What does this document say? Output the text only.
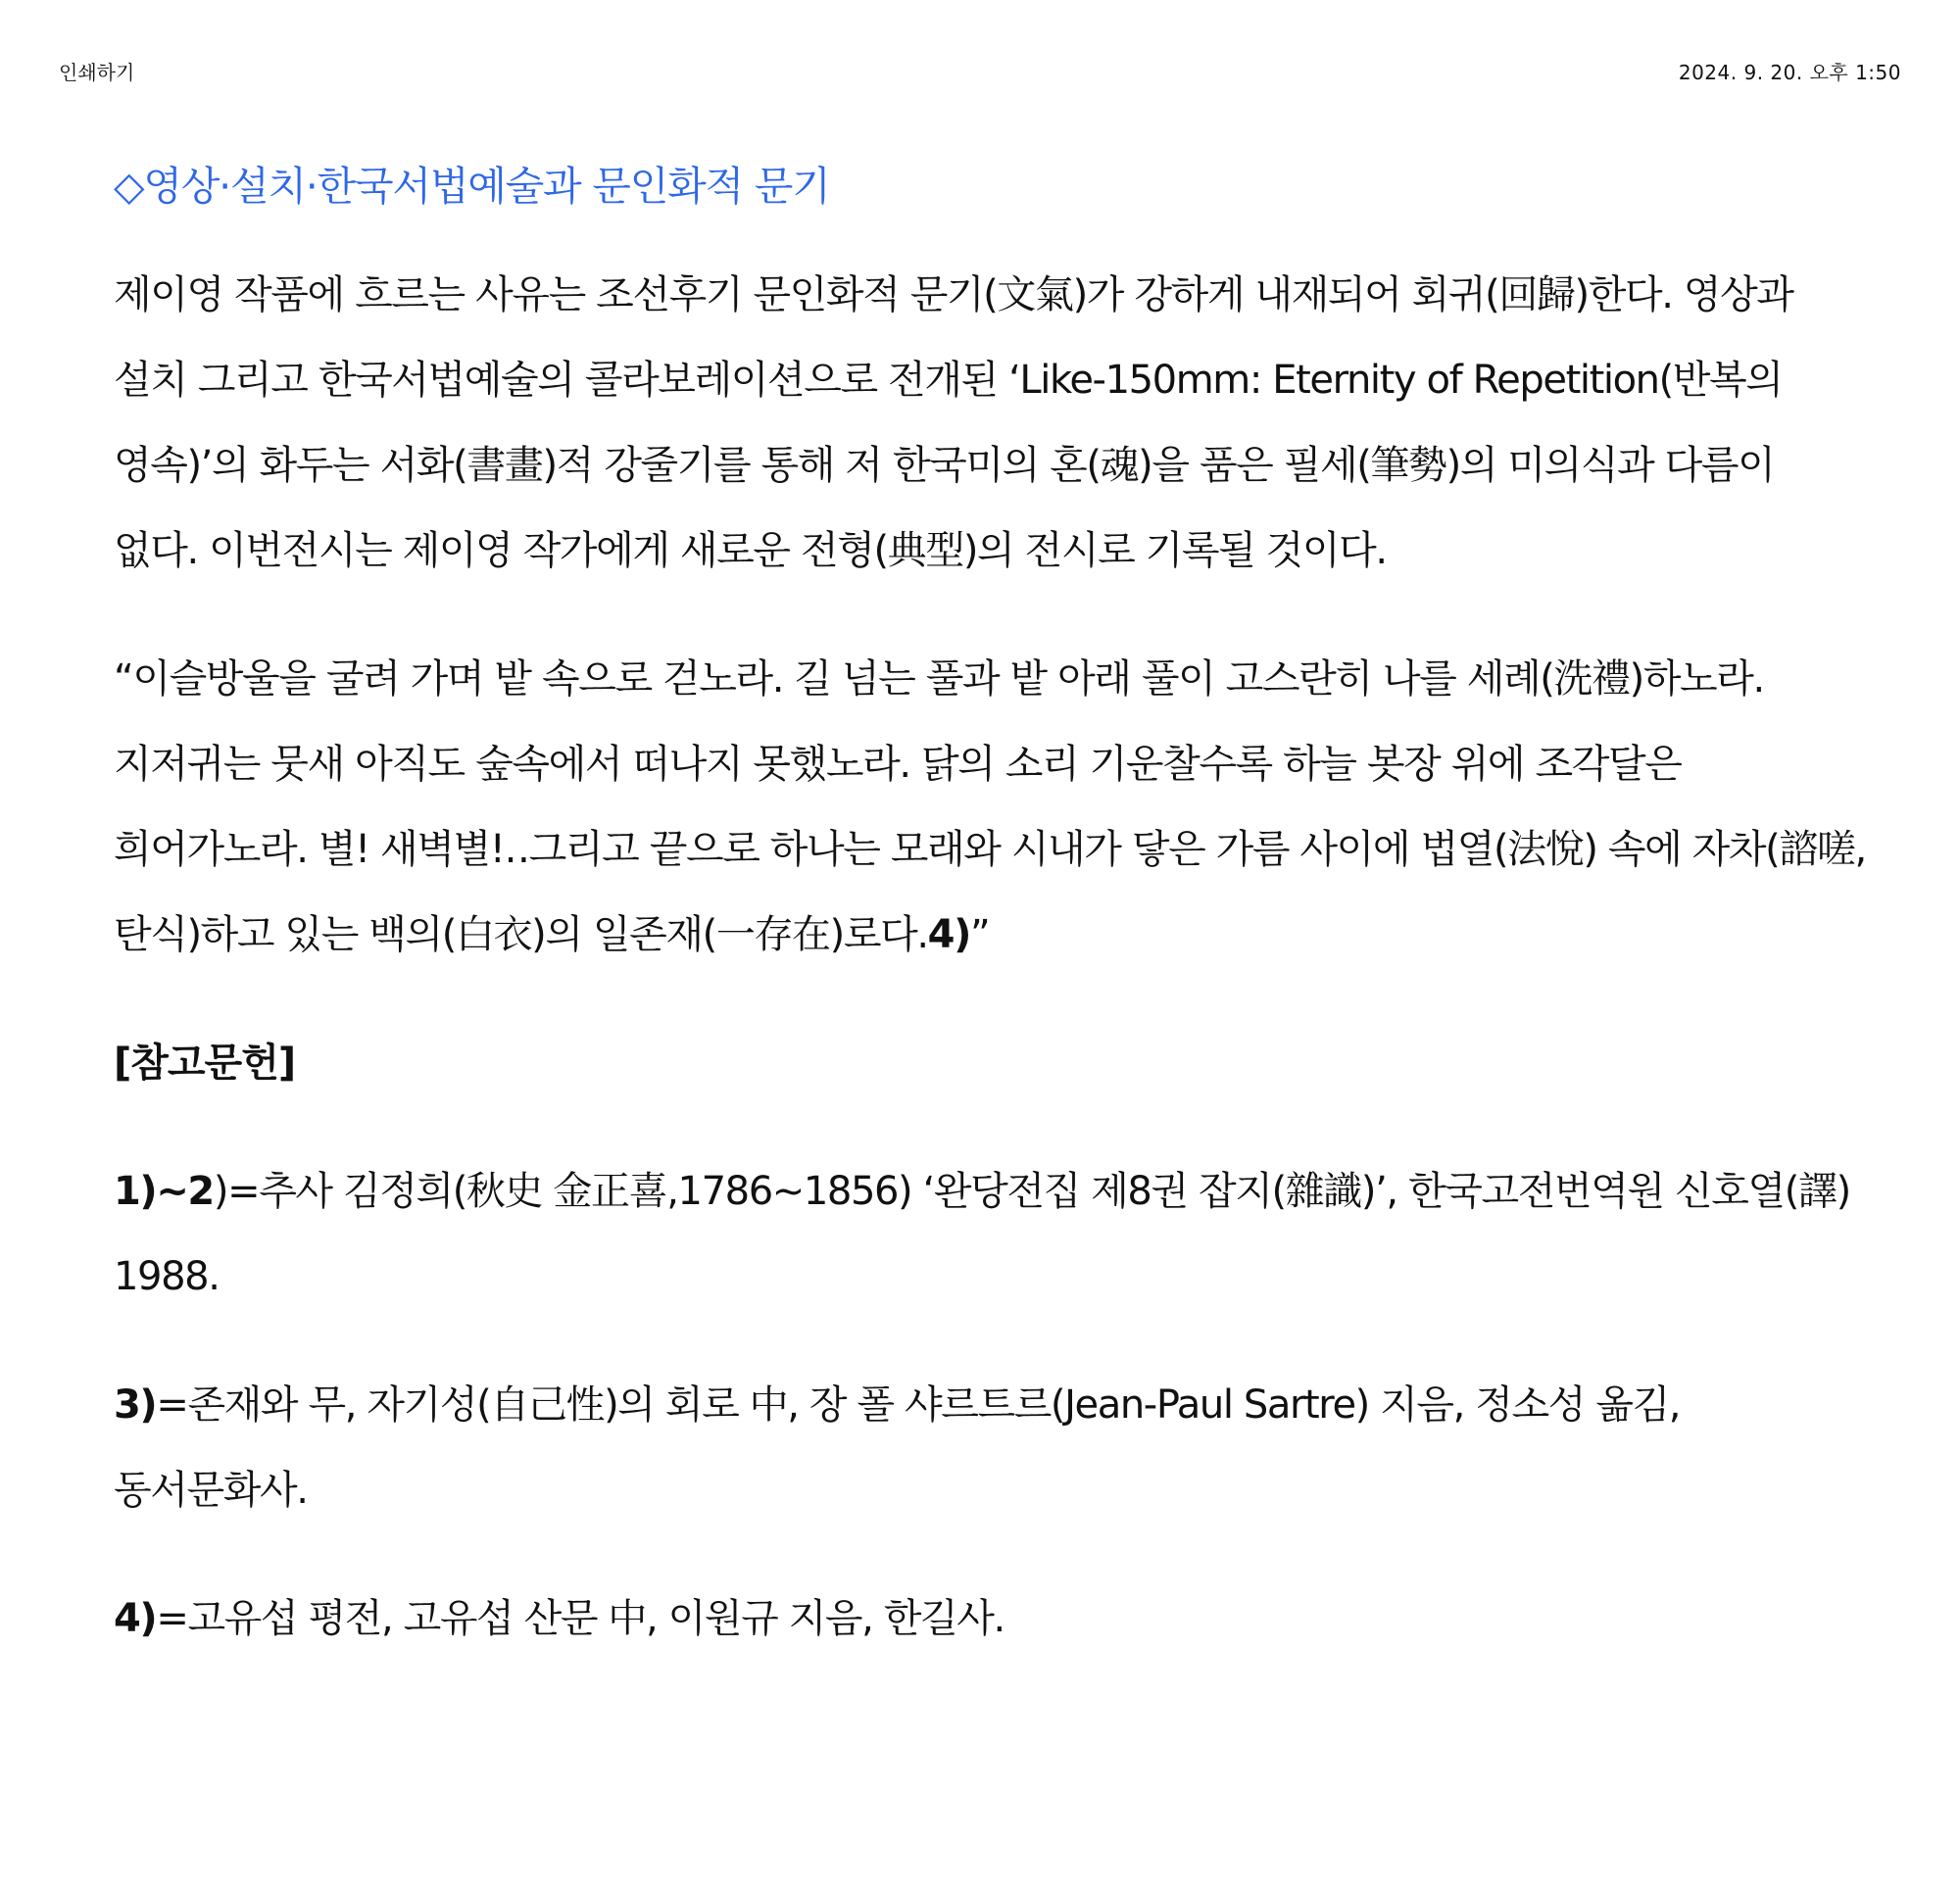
인쇄하기	2024. 9. 20. 오후 1:50
◇영상·설치·한국서법예술과 문인화적 문기

제이영 작품에 흐르는 사유는 조선후기 문인화적 문기(文氣)가 강하게 내재되어 회귀(回歸)한다. 영상과 설치 그리고 한국서법예술의 콜라보레이션으로 전개된 ‘Like-150mm: Eternity of Repetition(반복의 영속)’의 화두는 서화(書畫)적 강줄기를 통해 저 한국미의 혼(魂)을 품은 필세(筆勢)의 미의식과 다름이 없다. 이번전시는 제이영 작가에게 새로운 전형(典型)의 전시로 기록될 것이다.

“이슬방울을 굴려 가며 밭 속으로 걷노라. 길 넘는 풀과 밭 아래 풀이 고스란히 나를 세례(洗禮)하노라. 지저귀는 뭇새 아직도 숲속에서 떠나지 못했노라. 닭의 소리 기운찰수록 하늘 봇장 위에 조각달은 희어가노라. 별! 새벽별!‥그리고 끝으로 하나는 모래와 시내가 닿은 가름 사이에 법열(法悅) 속에 자차(諮嗟, 탄식)하고 있는 백의(白衣)의 일존재(一存在)로다.4)”

[참고문헌]

1)~2)=추사 김정희(秋史 金正喜,1786~1856) ‘완당전집 제8권 잡지(雜識)’, 한국고전번역원 신호열(譯) 1988.

3)=존재와 무, 자기성(自己性)의 회로 中, 장 폴 샤르트르(Jean-Paul Sartre) 지음, 정소성 옮김, 동서문화사.

4)=고유섭 평전, 고유섭 산문 中, 이원규 지음, 한길사.
